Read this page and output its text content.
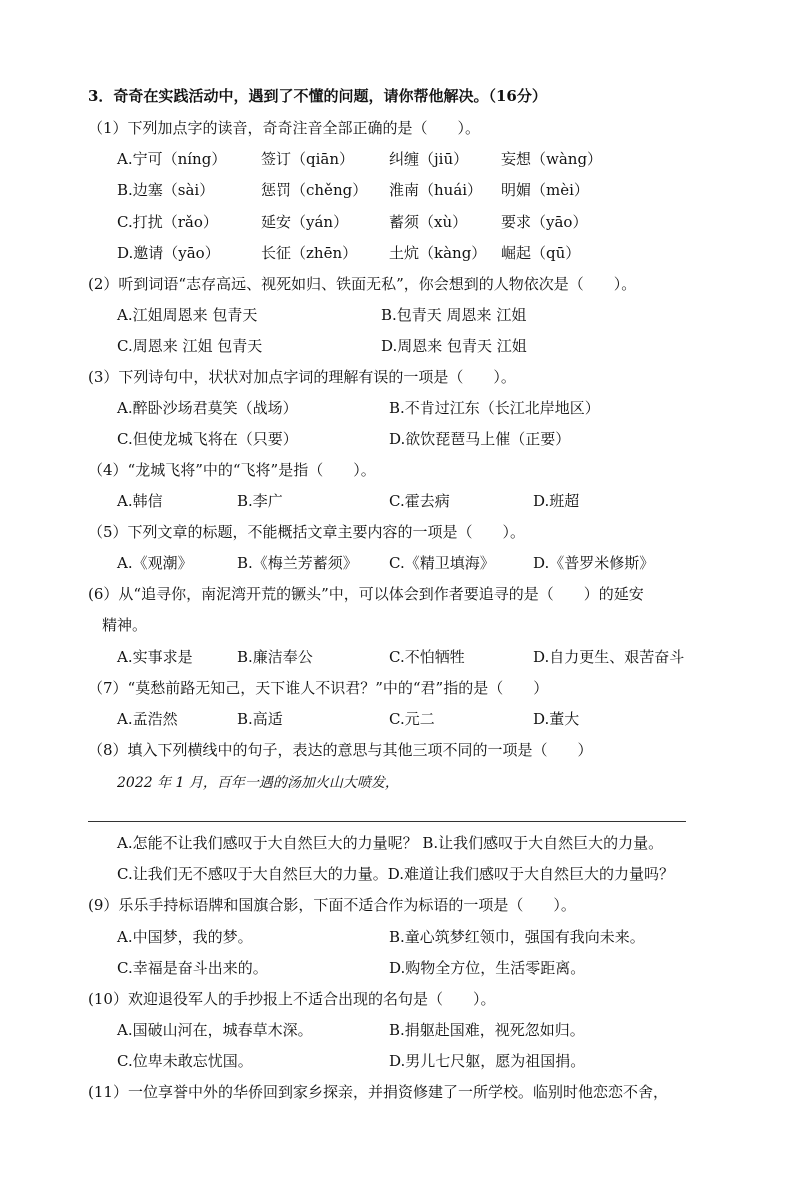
3．奇奇在实践活动中，遇到了不懂的问题，请你帮他解决。（16分）
（1）下列加点字的读音，奇奇注音全部正确的是（　　）。
A.宁可（níng） 签订（qiān） 纠缠（jiū） 妄想（wàng）
B.边塞（sài）	惩罚（chěng） 淮南（huái） 明媚（mèi）
C.打扰（rǎo）	延安（yán）	蓄须（xù） 要求（yāo）
D.邀请（yāo）	长征（zhēn） 土炕（kàng） 崛起（qū）
(2）听到词语“志存高远、视死如归、铁面无私”，你会想到的人物依次是（　　）。
A.江姐周恩来 包青天	B.包青天 周恩来 江姐
C.周恩来 江姐 包青天	D.周恩来 包青天 江姐
(3）下列诗句中，状状对加点字词的理解有误的一项是（　　）。
A.醉卧沙场君莫笑（战场）	B.不肯过江东（长江北岸地区）
C.但使龙城飞将在（只要）	D.欲饮琵琶马上催（正要）
（4）“龙城飞将”中的“飞将”是指（　　）。
A.韩信	B.李广	C.霍去病	D.班超
（5）下列文章的标题，不能概括文章主要内容的一项是（　　）。
A.《观潮》	B.《梅兰芳蓄须》 C.《精卫填海》	D.《普罗米修斯》
(6）从“追寻你，南泥湾开荒的镢头”中，可以体会到作者要追寻的是（　　）的延安
精神。
A.实事求是	B.廉洁奉公	C.不怕牺牲	D.自力更生、艰苦奋斗
（7）“莫愁前路无知己，天下谁人不识君？”中的“君”指的是（　　）
A.孟浩然	B.高适	C.元二	D.董大
（8）填入下列横线中的句子，表达的意思与其他三项不同的一项是（　　）
2022 年 1 月，百年一遇的汤加火山大喷发，
A.怎能不让我们感叹于大自然巨大的力量呢？ B.让我们感叹于大自然巨大的力量。
C.让我们无不感叹于大自然巨大的力量。D.难道让我们感叹于大自然巨大的力量吗？
(9）乐乐手持标语牌和国旗合影，下面不适合作为标语的一项是（　　）。
A.中国梦，我的梦。	B.童心筑梦红领巾，强国有我向未来。
C.幸福是奋斗出来的。	D.购物全方位，生活零距离。
(10）欢迎退役军人的手抄报上不适合出现的名句是（　　）。
A.国破山河在，城春草木深。	B.捐躯赴国难，视死忽如归。
C.位卑未敢忘忧国。	D.男儿七尺躯，愿为祖国捐。
(11）一位享誉中外的华侨回到家乡探亲，并捐资修建了一所学校。临别时他恋恋不舍，
